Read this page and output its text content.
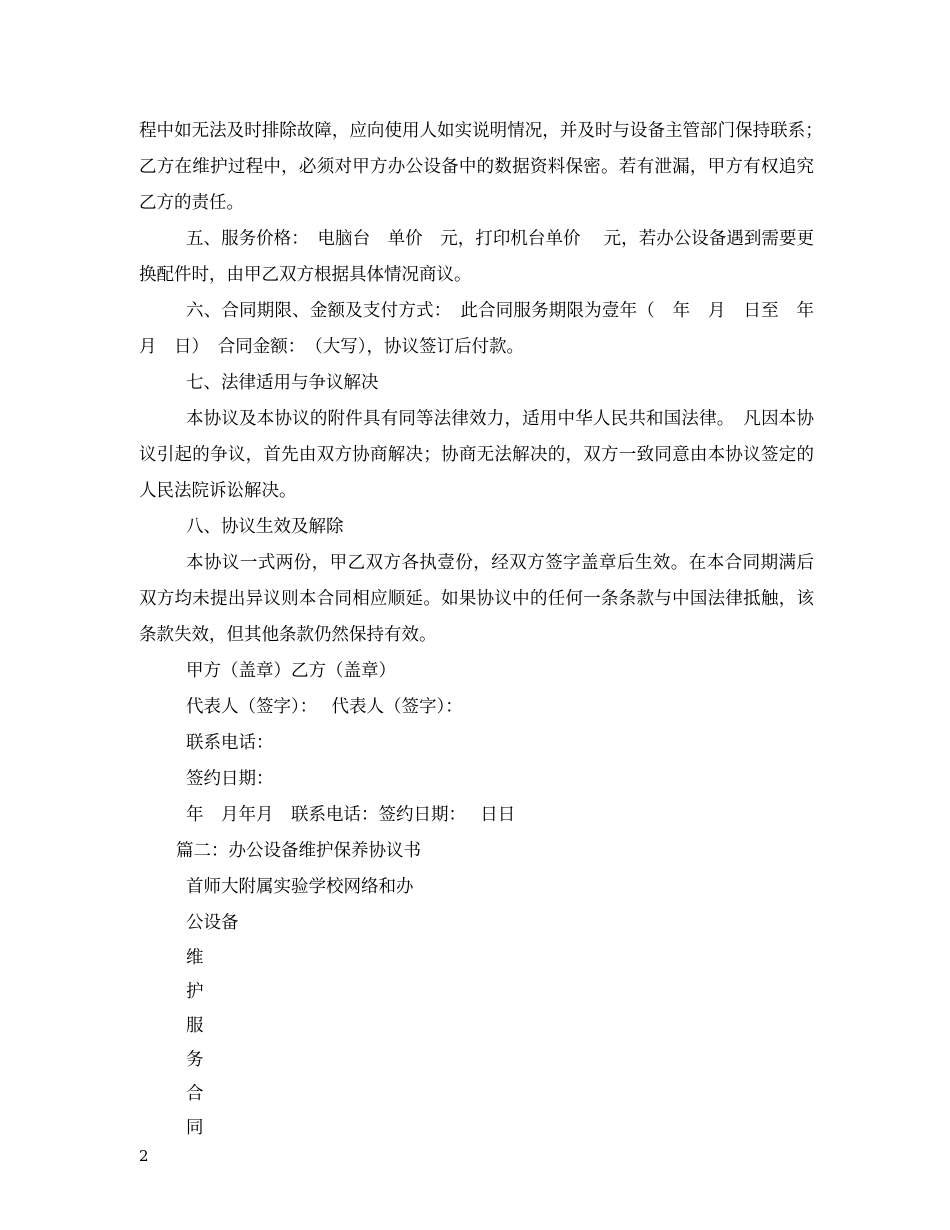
程中如无法及时排除故障，应向使用人如实说明情况，并及时与设备主管部门保持联系；　乙方在维护过程中，必须对甲方办公设备中的数据资料保密。若有泄漏，甲方有权追究乙方的责任。

五、服务价格：　电脑台　单价　元，打印机台单价　 元，若办公设备遇到需要更换配件时，由甲乙双方根据具体情况商议。

六、合同期限、金额及支付方式：　此合同服务期限为壹年（　年　月　日至　年　月　日）　合同金额：　（大写），协议签订后付款。

七、法律适用与争议解决

本协议及本协议的附件具有同等法律效力，适用中华人民共和国法律。　凡因本协议引起的争议，首先由双方协商解决；协商无法解决的，双方一致同意由本协议签定的人民法院诉讼解决。

八、协议生效及解除

本协议一式两份，甲乙双方各执壹份，经双方签字盖章后生效。在本合同期满后双方均未提出异议则本合同相应顺延。如果协议中的任何一条条款与中国法律抵触，该条款失效，但其他条款仍然保持有效。

甲方（盖章）乙方（盖章）
代表人（签字）：　 代表人（签字）：
联系电话：
签约日期：
年　月年月　联系电话：签约日期：　 日日
篇二：办公设备维护保养协议书
首师大附属实验学校网络和办
公设备
维
护
服
务
合
同
2
